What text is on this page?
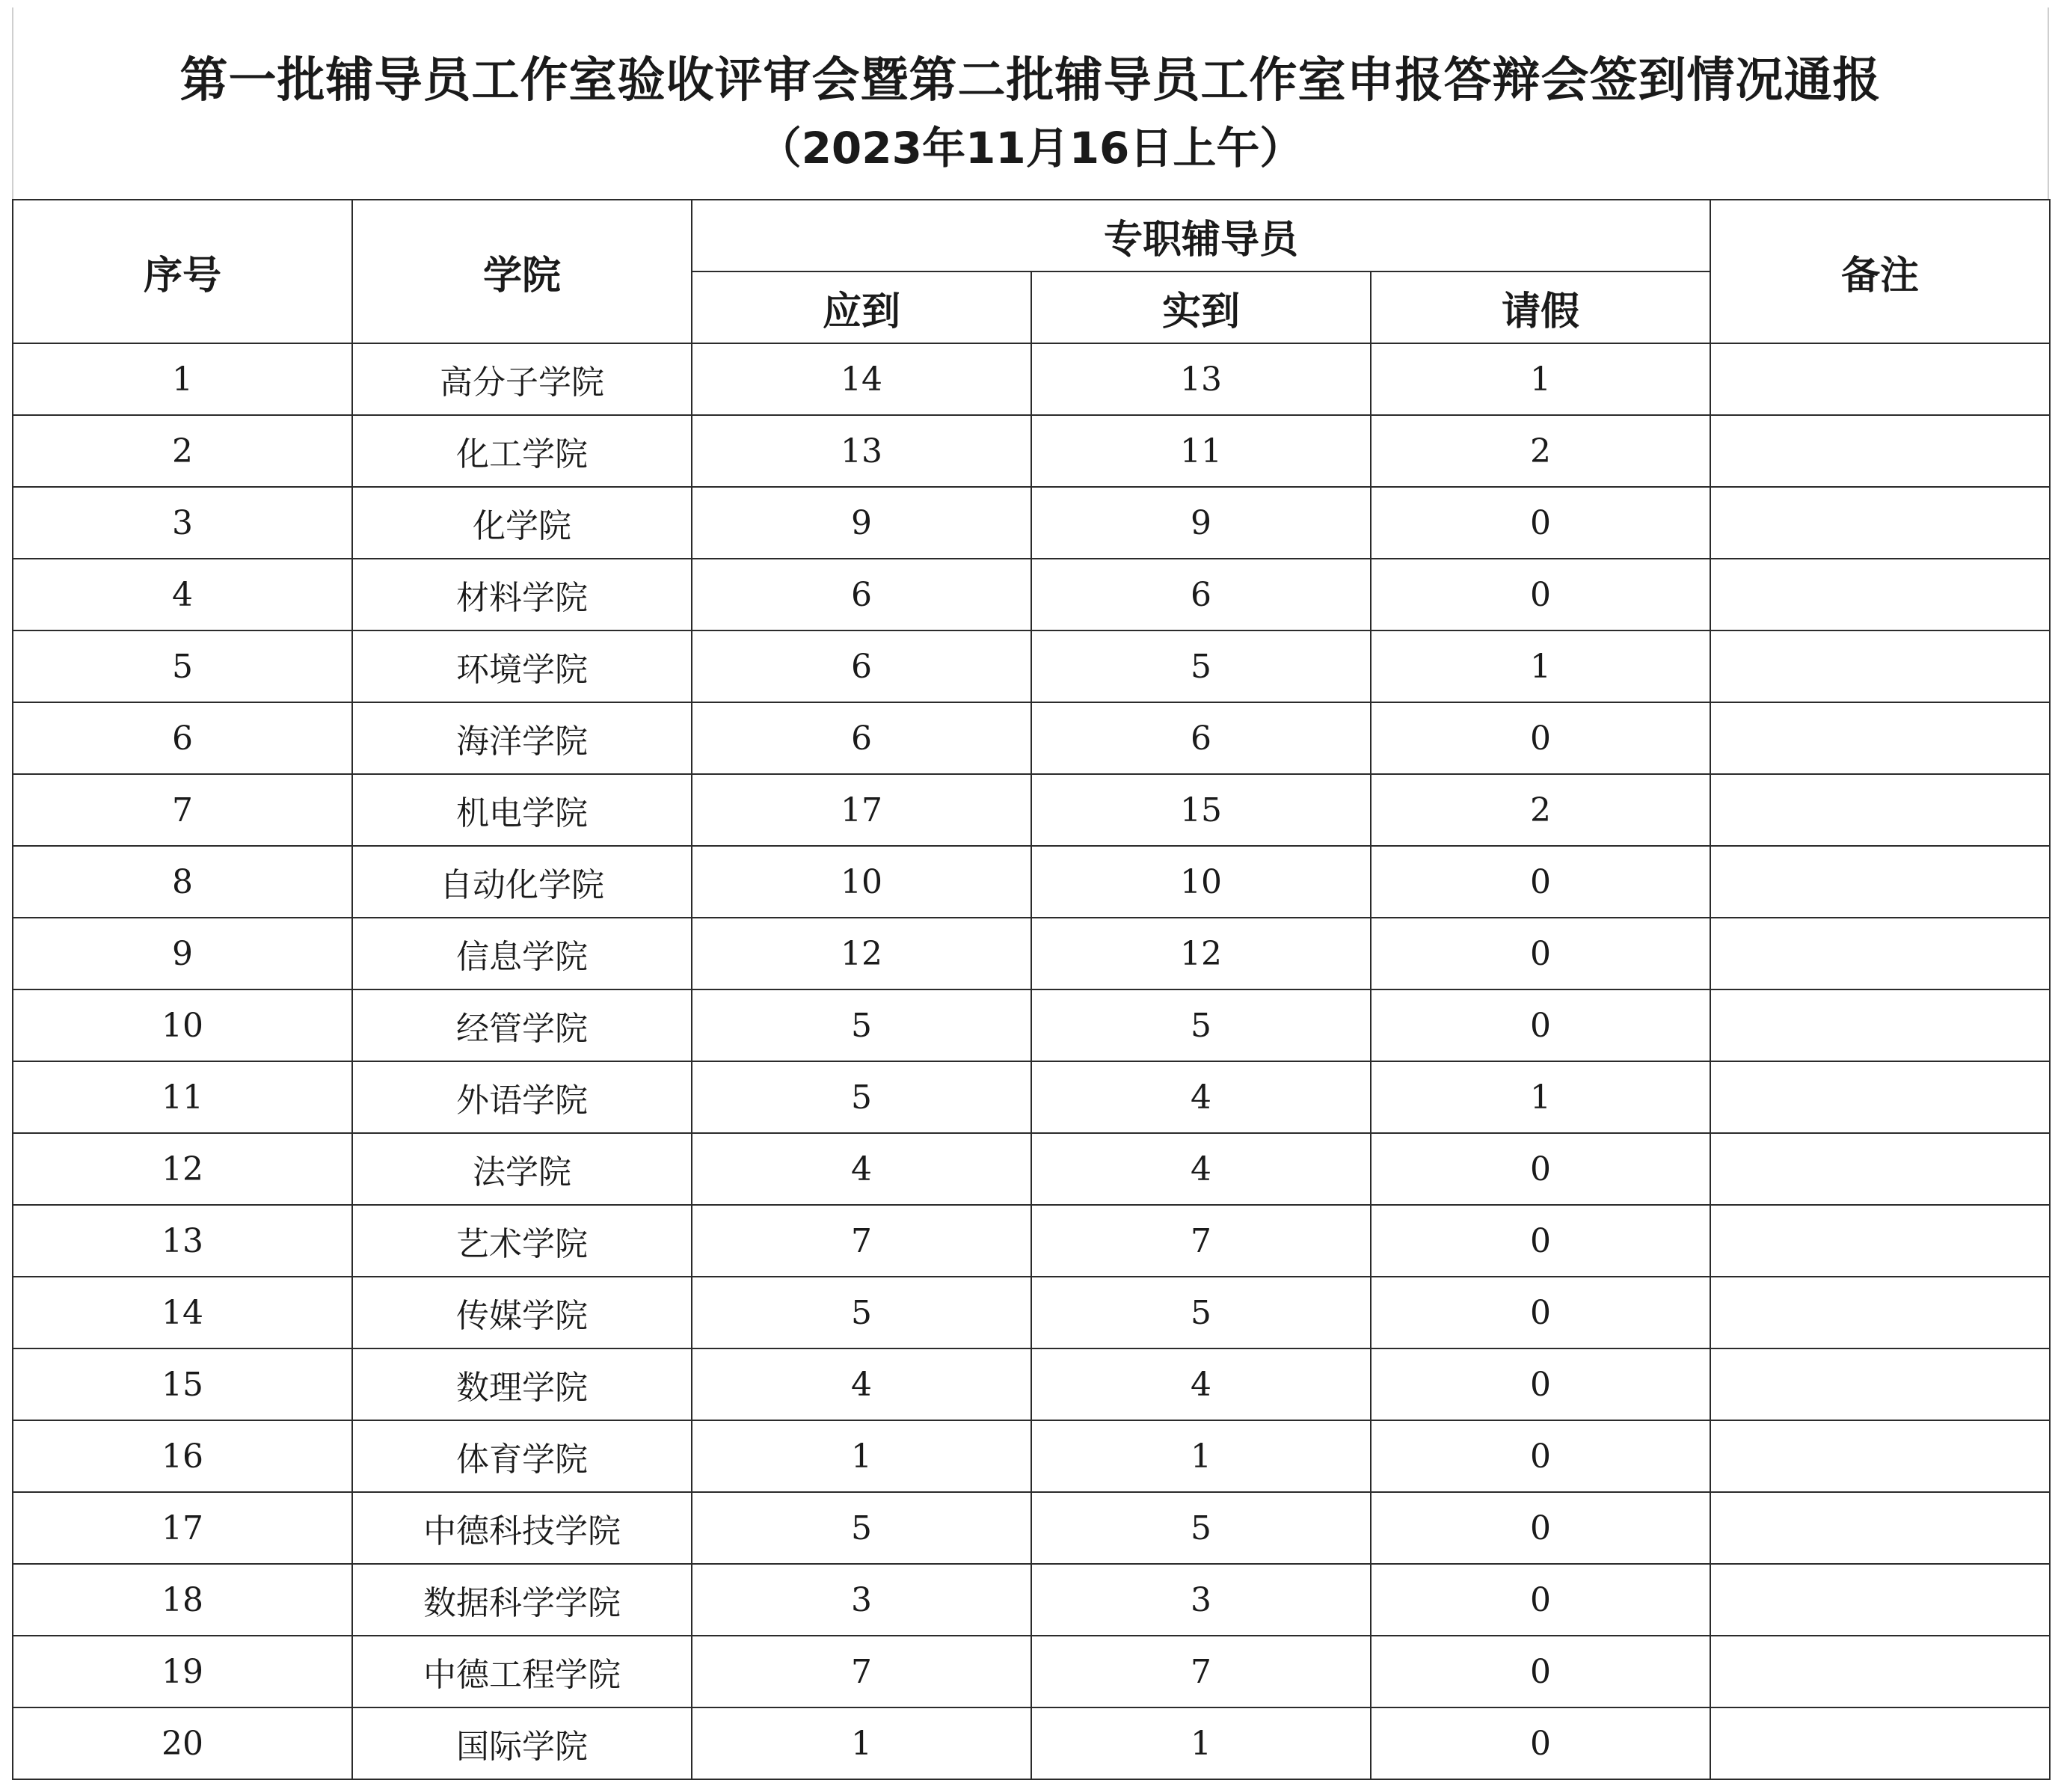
第一批辅导员工作室验收评审会暨第二批辅导员工作室申报答辩会签到情况通报
（2023年11月16日上午）
序号	学院	专职辅导员			备注
		应到	实到	请假	
1	高分子学院	14	13	1	
2	化工学院	13	11	2	
3	化学院	9	9	0	
4	材料学院	6	6	0	
5	环境学院	6	5	1	
6	海洋学院	6	6	0	
7	机电学院	17	15	2	
8	自动化学院	10	10	0	
9	信息学院	12	12	0	
10	经管学院	5	5	0	
11	外语学院	5	4	1	
12	法学院	4	4	0	
13	艺术学院	7	7	0	
14	传媒学院	5	5	0	
15	数理学院	4	4	0	
16	体育学院	1	1	0	
17	中德科技学院	5	5	0	
18	数据科学学院	3	3	0	
19	中德工程学院	7	7	0	
20	国际学院	1	1	0	
